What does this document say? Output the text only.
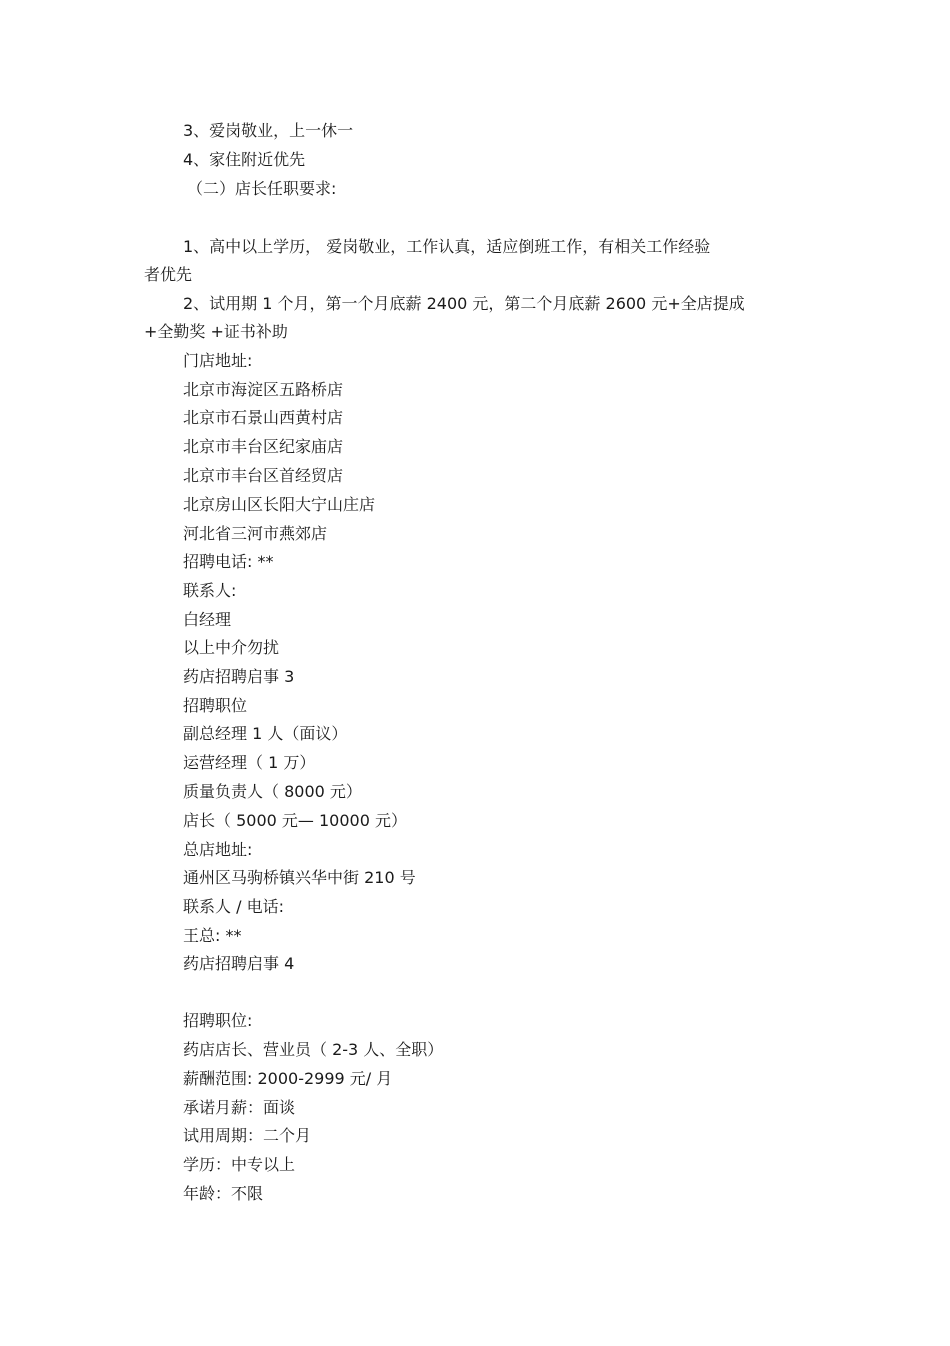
3、爱岗敬业，上一休一
4、家住附近优先
（二）店长任职要求:
1、高中以上学历， 爱岗敬业，工作认真，适应倒班工作，有相关工作经验
者优先
2、试用期 1 个月，第一个月底薪 2400 元，第二个月底薪 2600 元+全店提成
+全勤奖 +证书补助
门店地址:
北京市海淀区五路桥店
北京市石景山西黄村店
北京市丰台区纪家庙店
北京市丰台区首经贸店
北京房山区长阳大宁山庄店
河北省三河市燕郊店
招聘电话: **
联系人:
白经理
以上中介勿扰
药店招聘启事 3
招聘职位
副总经理 1 人（面议）
运营经理（ 1 万）
质量负责人（ 8000 元）
店长（ 5000 元— 10000 元）
总店地址:
通州区马驹桥镇兴华中街 210 号
联系人 / 电话:
王总: **
药店招聘启事 4
招聘职位:
药店店长、营业员（ 2-3 人、全职）
薪酬范围: 2000-2999 元/ 月
承诺月薪：面谈
试用周期：二个月
学历：中专以上
年龄：不限
